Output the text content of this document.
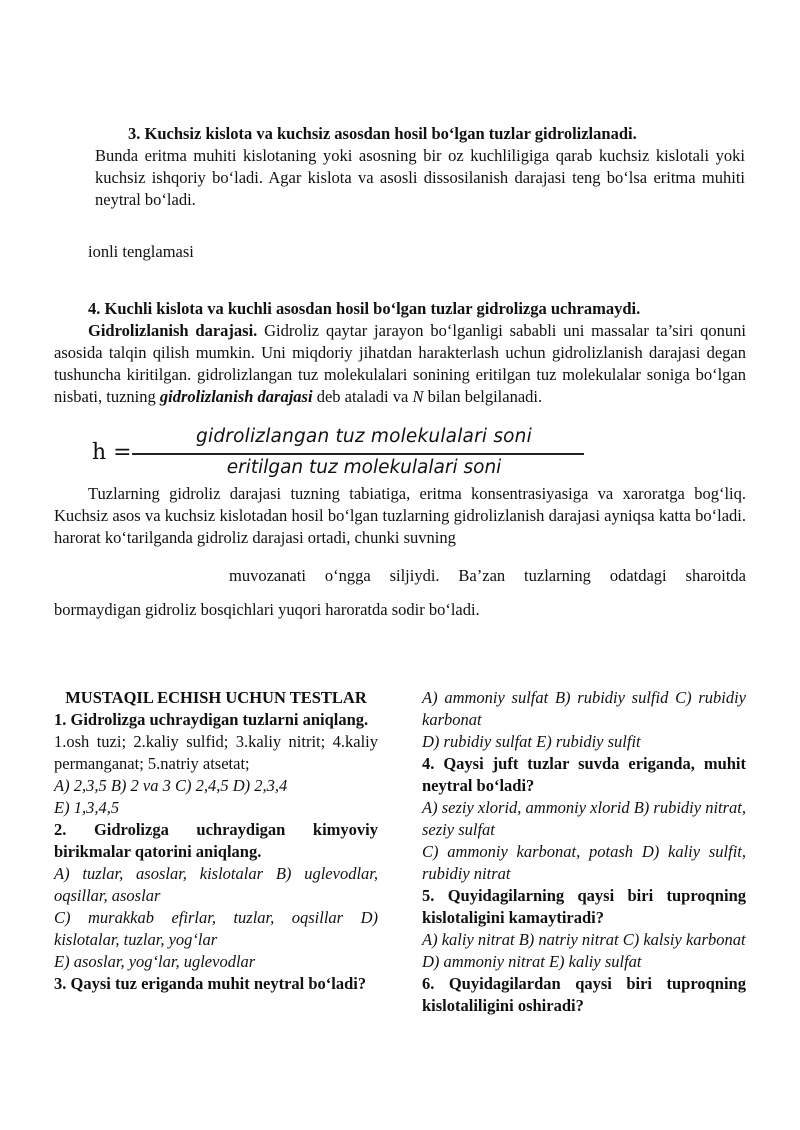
3. Kuchsiz kislota va kuchsiz asosdan hosil bo‘lgan tuzlar gidrolizlanadi.
Bunda eritma muhiti kislotaning yoki asosning bir oz kuchliligiga qarab kuchsiz kislotali yoki kuchsiz ishqoriy bo‘ladi. Agar kislota va asosli dissosilanish darajasi teng bo‘lsa eritma muhiti neytral bo‘ladi.
ionli tenglamasi
4. Kuchli kislota va kuchli asosdan hosil bo‘lgan tuzlar gidrolizga uchramaydi.
Gidrolizlanish darajasi. Gidroliz qaytar jarayon bo‘lganligi sababli uni massalar ta’siri qonuni asosida talqin qilish mumkin. Uni miqdoriy jihatdan harakterlash uchun gidrolizlanish darajasi degan tushuncha kiritilgan. gidrolizlangan tuz molekulalari sonining eritilgan tuz molekulalar soniga bo‘lgan nisbati, tuzning gidrolizlanish darajasi deb ataladi va N bilan belgilanadi.
h =
gidrolizlangan tuz molekulalari soni
eritilgan tuz molekulalari soni
Tuzlarning gidroliz darajasi tuzning tabiatiga, eritma konsentrasiyasiga va xaroratga bog‘liq. Kuchsiz asos va kuchsiz kislotadan hosil bo‘lgan tuzlarning gidrolizlanish darajasi ayniqsa katta bo‘ladi. harorat ko‘tarilganda gidroliz darajasi ortadi, chunki suvning
muvozanati o‘ngga siljiydi. Ba’zan tuzlarning odatdagi sharoitda
bormaydigan gidroliz bosqichlari yuqori haroratda sodir bo‘ladi.
MUSTAQIL ECHISH UCHUN TESTLAR
1. Gidrolizga uchraydigan tuzlarni aniqlang.
1.osh tuzi; 2.kaliy sulfid; 3.kaliy nitrit; 4.kaliy permanganat; 5.natriy atsetat;
A) 2,3,5 B) 2 va 3 C) 2,4,5 D) 2,3,4
E) 1,3,4,5
2. Gidrolizga uchraydigan kimyoviy birikmalar qatorini aniqlang.
A) tuzlar, asoslar, kislotalar B) uglevodlar, oqsillar, asoslar
C) murakkab efirlar, tuzlar, oqsillar D) kislotalar, tuzlar, yog‘lar
E) asoslar, yog‘lar, uglevodlar
3. Qaysi tuz eriganda muhit neytral bo‘ladi?
A) ammoniy sulfat B) rubidiy sulfid C) rubidiy karbonat
D) rubidiy sulfat E) rubidiy sulfit
4. Qaysi juft tuzlar suvda eriganda, muhit neytral bo‘ladi?
A) seziy xlorid, ammoniy xlorid B) rubidiy nitrat, seziy sulfat
C) ammoniy karbonat, potash D) kaliy sulfit, rubidiy nitrat
5. Quyidagilarning qaysi biri tuproqning kislotaligini kamaytiradi?
A) kaliy nitrat B) natriy nitrat C) kalsiy karbonat
D) ammoniy nitrat E) kaliy sulfat
6. Quyidagilardan qaysi biri tuproqning kislotaliligini oshiradi?
